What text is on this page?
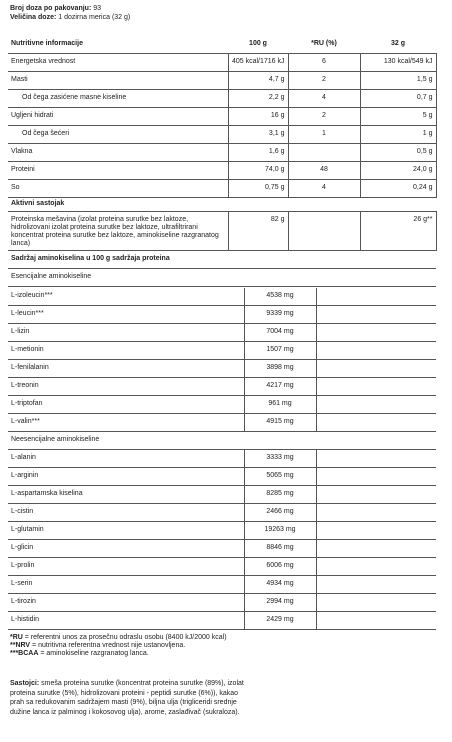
Broj doza po pakovanju: 93
Veličina doze: 1 dozirna merica (32 g)
Nutritivne informacije	100 g	*RU (%)	32 g
Energetska vrednost	405 kcal/1716 kJ	6	130 kcal/549 kJ
Masti	4,7 g	2	1,5 g
Od čega zasićene masne kiseline	2,2 g	4	0,7 g
Ugljeni hidrati	16 g	2	5 g
Od čega šećeri	3,1 g	1	1 g
Vlakna	1,6 g		0,5 g
Proteini	74,0 g	48	24,0 g
So	0,75 g	4	0,24 g
Aktivni sastojak			
Proteinska mešavina (izolat proteina surutke bez laktoze, hidrolizovani izolat proteina surutke bez laktoze, ultrafiltrirani koncentrat proteina surutke bez laktoze, aminokiseline razgranatog lanca)	82 g		26 g**
Sadržaj aminokiselina u 100 g sadržaja proteina			
Esencijalne aminokiseline			
L-izoleucin***	4538 mg	
L-leucin***	9339 mg	
L-lizin	7004 mg	
L-metionin	1507 mg	
L-fenilalanin	3898 mg	
L-treonin	4217 mg	
L-triptofan	961 mg	
L-valin***	4915 mg	
Neesencijalne aminokiseline		
L-alanin	3333 mg	
L-arginin	5065 mg	
L-aspartamska kiselina	8285 mg	
L-cistin	2466 mg	
L-glutamin	19263 mg	
L-glicin	8846 mg	
L-prolin	6006 mg	
L-serin	4934 mg	
L-tirozin	2994 mg	
L-histidin	2429 mg	
*RU = referentni unos za prosečnu odraslu osobu (8400 kJ/2000 kcal)
**NRV = nutritivna referentna vrednost nije ustanovljena.
***BCAA = aminokiseline razgranatog lanca.
Sastojci: smeša proteina surutke (koncentrat proteina surutke (89%), izolat proteina surutke (5%), hidrolizovani proteini - peptidi surutke (6%)), kakao prah sa redukovanim sadržajem masti (9%), biljna ulja (trigliceridi srednje dužine lanca iz palminog i kokosovog ulja), arome, zaslađivač (sukraloza).
